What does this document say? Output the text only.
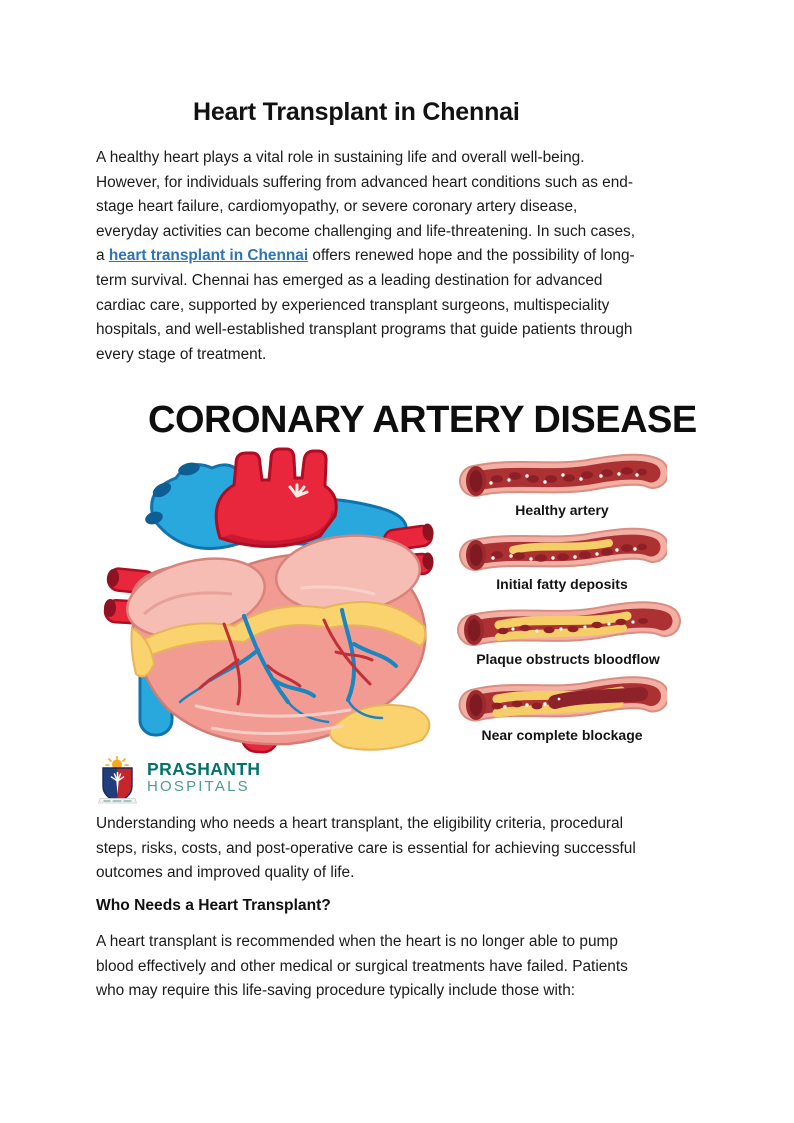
Heart Transplant in Chennai
A healthy heart plays a vital role in sustaining life and overall well-being.
However, for individuals suffering from advanced heart conditions such as end-
stage heart failure, cardiomyopathy, or severe coronary artery disease,
everyday activities can become challenging and life-threatening. In such cases,
a heart transplant in Chennai offers renewed hope and the possibility of long-
term survival. Chennai has emerged as a leading destination for advanced
cardiac care, supported by experienced transplant surgeons, multispeciality
hospitals, and well-established transplant programs that guide patients through
every stage of treatment.
CORONARY ARTERY DISEASE
Healthy artery
Initial fatty deposits
Plaque obstructs bloodflow
Near complete blockage
PRASHANTH
HOSPITALS
Understanding who needs a heart transplant, the eligibility criteria, procedural
steps, risks, costs, and post-operative care is essential for achieving successful
outcomes and improved quality of life.
Who Needs a Heart Transplant?
A heart transplant is recommended when the heart is no longer able to pump
blood effectively and other medical or surgical treatments have failed. Patients
who may require this life-saving procedure typically include those with:
